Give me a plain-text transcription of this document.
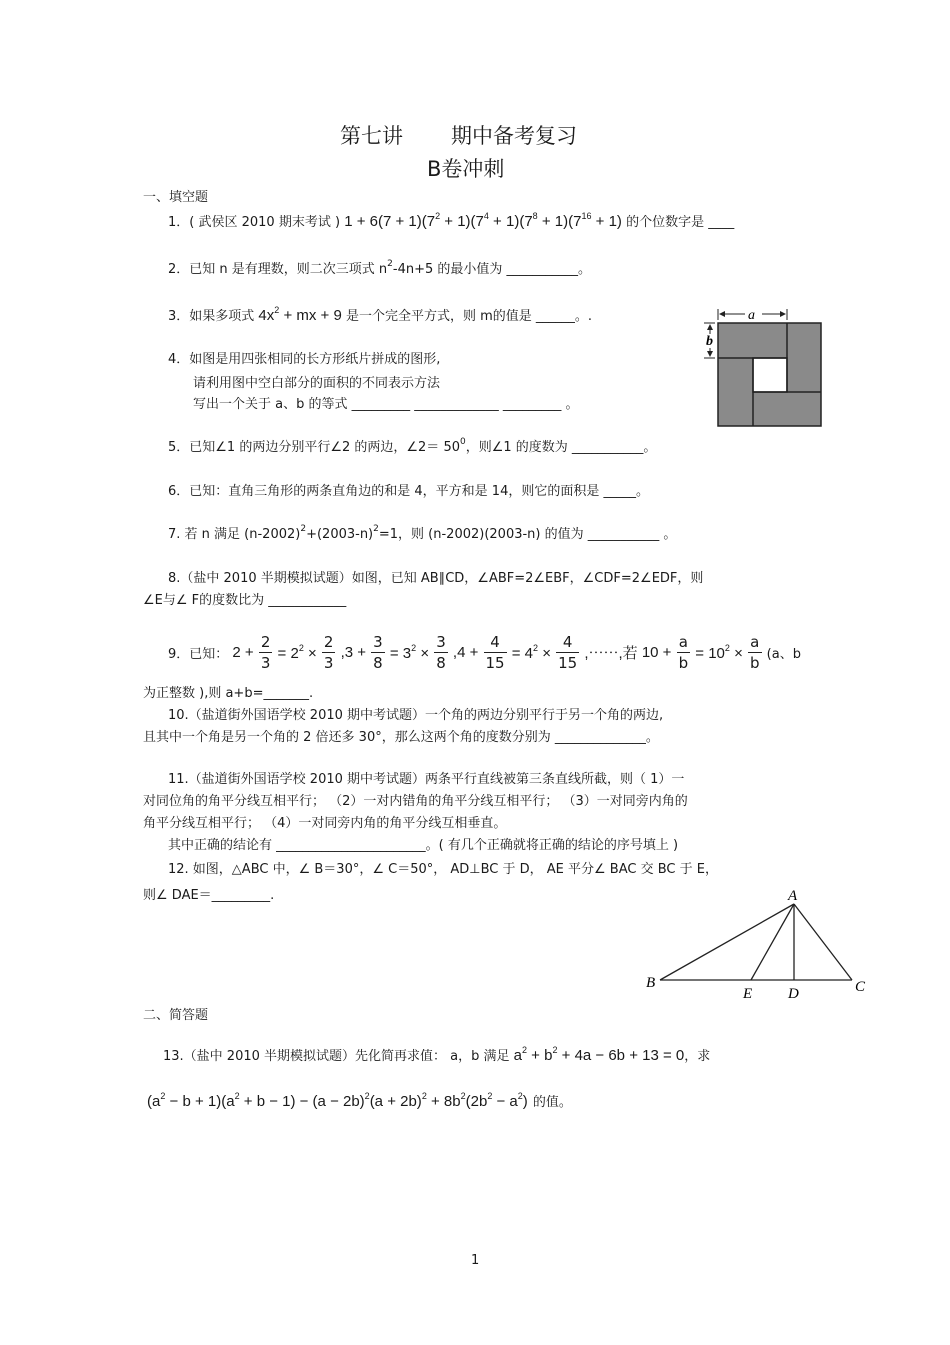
第七讲 期中备考复习
B卷冲刺
一、填空题
1．( 武侯区 2010 期末考试 ) $1 + 6(7 + 1)(7^2 + 1)(7^4 + 1)(7^8 + 1)(7^{16} + 1)$ 的个位数字是 ____
2．已知 n 是有理数，则二次三项式 $n^2-4n+5$ 的最小值为 ___________。
3．如果多项式 $4x^2$ + mx + 9 是一个完全平方式，则 m的值是 ______。.
4．如图是用四张相同的长方形纸片拼成的图形,
请利用图中空白部分的面积的不同表示方法
写出一个关于 a、b 的等式 _________ _____________ _________ 。
a
b
5．已知∠1 的两边分别平行∠2 的两边，∠2＝ $50^0$，则∠1 的度数为 ___________。
6．已知：直角三角形的两条直角边的和是 4，平方和是 14，则它的面积是 _____。
7. 若 n 满足 $(n-2002)^2+(2003-n)^2=1$，则 (n-2002)(2003-n) 的值为 ___________ 。
8.（盐中 2010 半期模拟试题）如图，已知 AB∥CD，∠ABF=2∠EBF，∠CDF=2∠EDF，则
∠E与∠ F的度数比为 ____________
9．已知： $2 + \frac{2}{3} = 2^2 \times \frac{2}{3} ,3 + \frac{3}{8} = 3^2 \times \frac{3}{8} ,4 + \frac{4}{15} = 4^2 \times \frac{4}{15}$ ,⋯⋯,若 $10 + \frac{a}{b} = 10^2 \times \frac{a}{b} (a$、b
为正整数 ),则 a+b=_______.
10.（盐道街外国语学校 2010 期中考试题）一个角的两边分别平行于另一个角的两边,
且其中一个角是另一个角的 2 倍还多 30°，那么这两个角的度数分别为 ______________。
11.（盐道街外国语学校 2010 期中考试题）两条平行直线被第三条直线所截，则（ 1）一
对同位角的角平分线互相平行； （2）一对内错角的角平分线互相平行； （3）一对同旁内角的
角平分线互相平行； （4）一对同旁内角的角平分线互相垂直。
其中正确的结论有 _______________________。( 有几个正确就将正确的结论的序号填上 )
12. 如图，△ABC 中，∠ B＝30°，∠ C＝50°， AD⊥BC 于 D， AE 平分∠ BAC 交 BC 于 E，
则∠ DAE＝_________.	A
B	C
D
E
二、简答题
13.（盐中 2010 半期模拟试题）先化简再求值： a，b 满足 $a^2 + b^2 + 4a - 6b + 13 = 0$，求
$(a^2 - b + 1)(a^2 + b - 1) - (a - 2b)^2(a + 2b)^2 + 8b^2(2b^2 - a^2)$ 的值。
1
